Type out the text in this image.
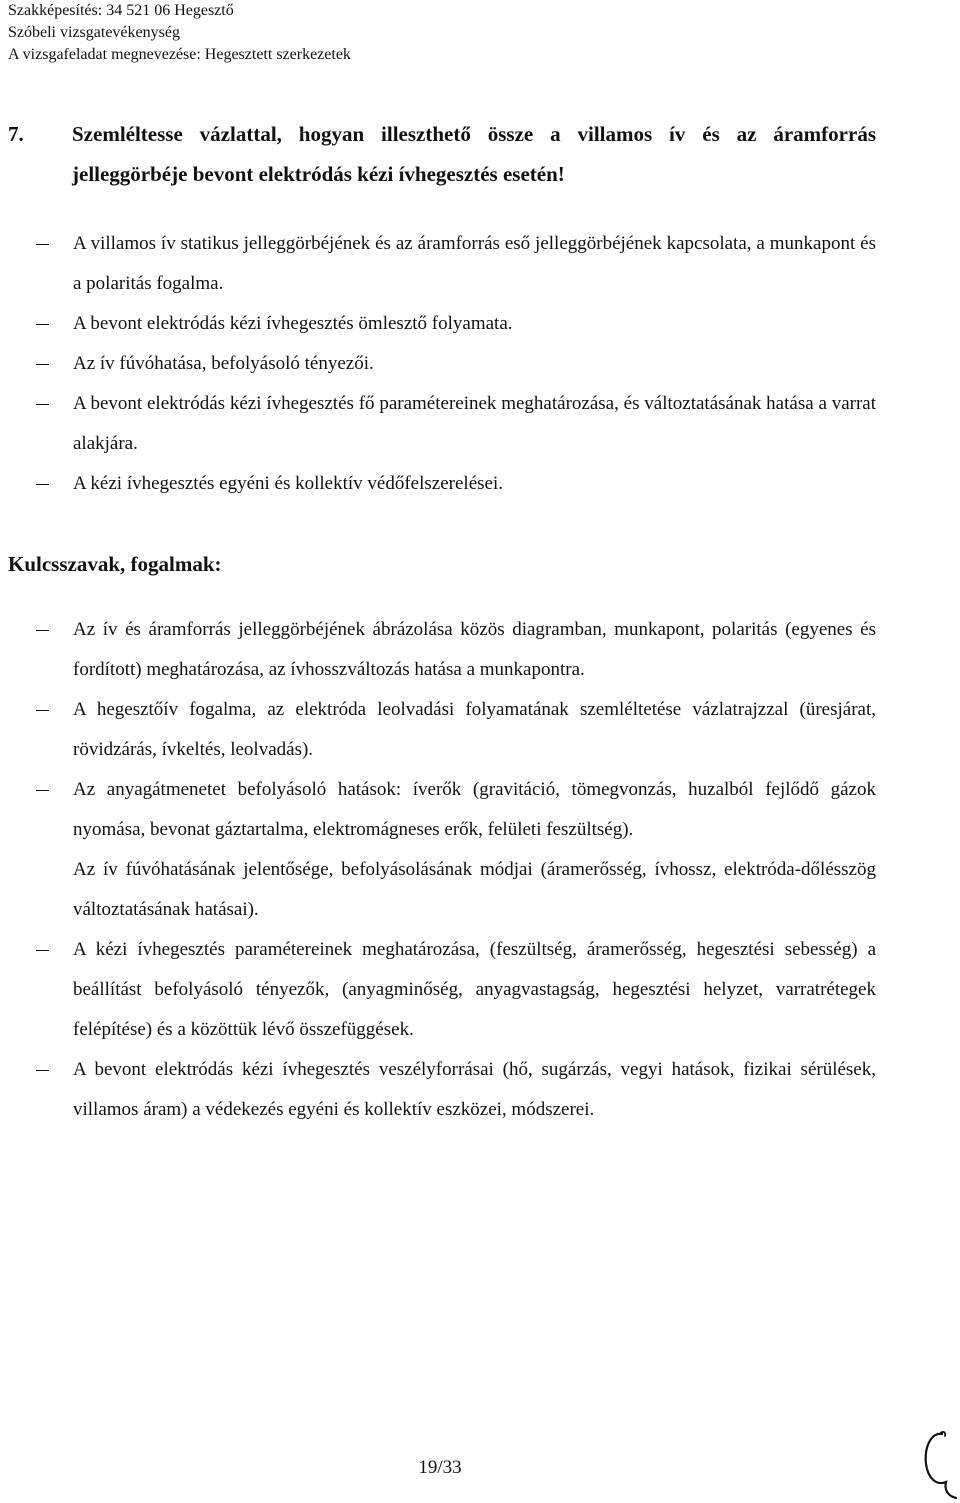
Szakképesítés: 34 521 06 Hegesztő
Szóbeli vizsgatevékenység
A vizsgafeladat megnevezése: Hegesztett szerkezetek
7. Szemléltesse vázlattal, hogyan illeszthető össze a villamos ív és az áramforrás jelleggörbéje bevont elektródás kézi ívhegesztés esetén!
A villamos ív statikus jelleggörbéjének és az áramforrás eső jelleggörbéjének kapcsolata, a munkapont és a polaritás fogalma.
A bevont elektródás kézi ívhegesztés ömlesztő folyamata.
Az ív fúvóhatása, befolyásoló tényezői.
A bevont elektródás kézi ívhegesztés fő paramétereinek meghatározása, és változtatásának hatása a varrat alakjára.
A kézi ívhegesztés egyéni és kollektív védőfelszerelései.
Kulcsszavak, fogalmak:
Az ív és áramforrás jelleggörbéjének ábrázolása közös diagramban, munkapont, polaritás (egyenes és fordított) meghatározása, az ívhosszváltozás hatása a munkapontra.
A hegesztőív fogalma, az elektróda leolvadási folyamatának szemléltetése vázlatrajzzal (üresjárat, rövidzárás, ívkeltés, leolvadás).
Az anyagátmenetet befolyásoló hatások: íverők (gravitáció, tömegvonzás, huzalból fejlődő gázok nyomása, bevonat gáztartalma, elektromágneses erők, felületi feszültség).
Az ív fúvóhatásának jelentősége, befolyásolásának módjai (áramerősség, ívhossz, elektróda-dőlésszög változtatásának hatásai).
A kézi ívhegesztés paramétereinek meghatározása, (feszültség, áramerősség, hegesztési sebesség) a beállítást befolyásoló tényezők, (anyagminőség, anyagvastagság, hegesztési helyzet, varratrétegek felépítése) és a közöttük lévő összefüggések.
A bevont elektródás kézi ívhegesztés veszélyforrásai (hő, sugárzás, vegyi hatások, fizikai sérülések, villamos áram) a védekezés egyéni és kollektív eszközei, módszerei.
19/33
